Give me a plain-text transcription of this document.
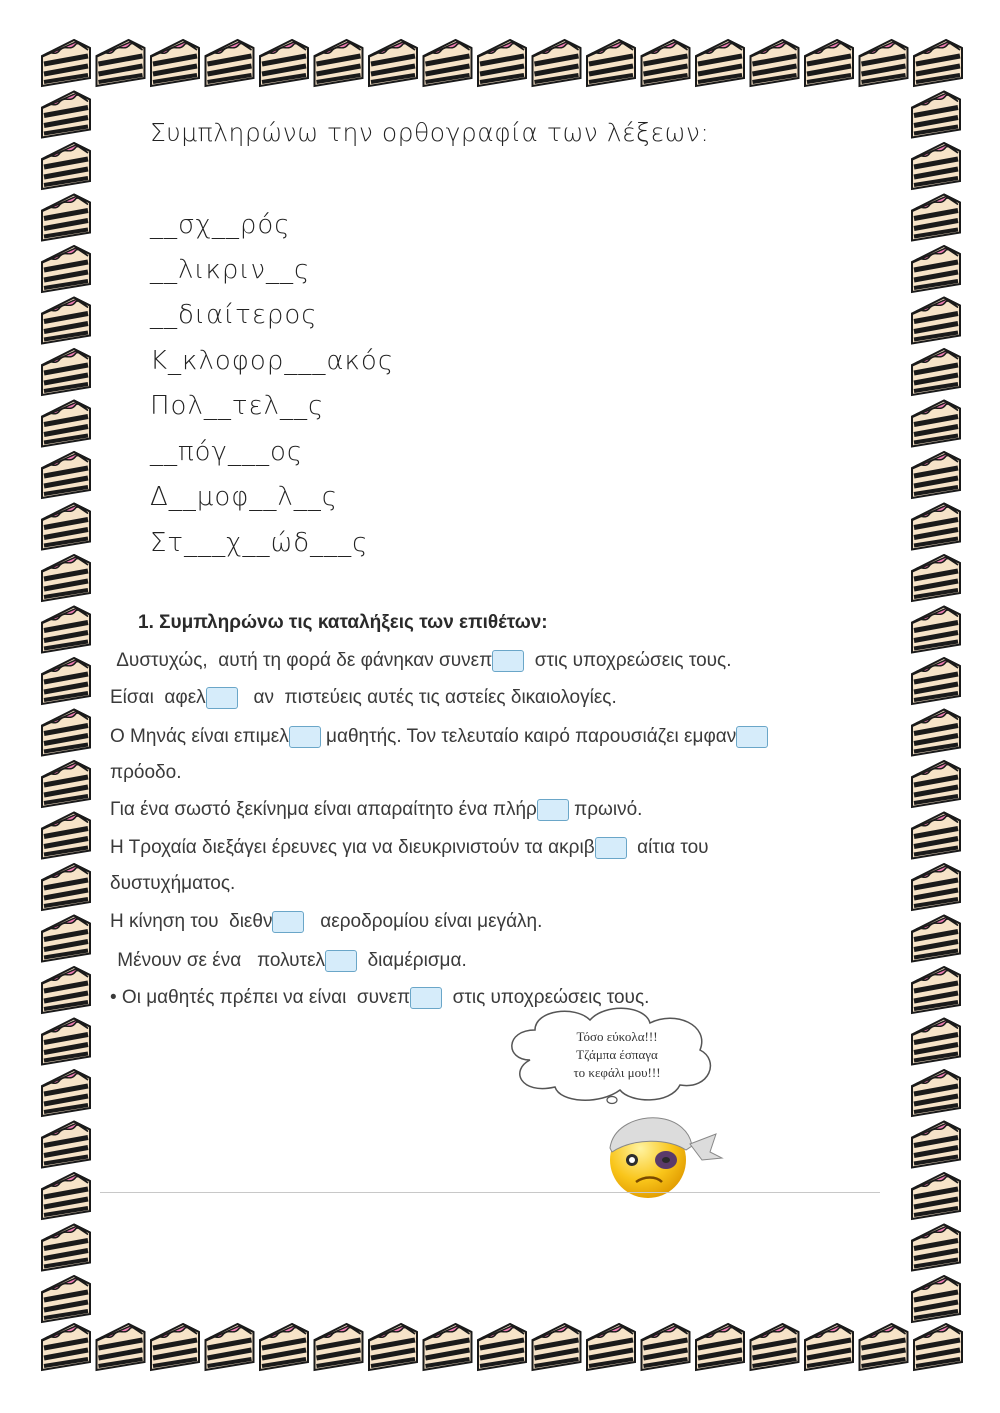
Συμπληρώνω την ορθογραφία των λέξεων:
__σχ__ρός
__λικριν__ς
__διαίτερος
Κ_κλοφορ___ακός
Πολ__τελ__ς
__πόγ___ος
Δ__μοφ__λ__ς
Στ___χ__ώδ___ς
1. Συμπληρώνω τις καταλήξεις των επιθέτων:
Δυστυχώς,  αυτή τη φορά δε φάνηκαν συνεπ στις υποχρεώσεις τους.
Είσαι  αφελ αν  πιστεύεις αυτές τις αστείες δικαιολογίες.
Ο Μηνάς είναι επιμελ μαθητής. Τον τελευταίο καιρό παρουσιάζει εμφαν
πρόοδο.
Για ένα σωστό ξεκίνημα είναι απαραίτητο ένα πλήρ πρωινό.
Η Τροχαία διεξάγει έρευνες για να διευκρινιστούν τα ακριβ αίτια του
δυστυχήματος.
Η κίνηση του  διεθν αεροδρομίου είναι μεγάλη.
Μένουν σε ένα   πολυτελ διαμέρισμα.
• Οι μαθητές πρέπει να είναι  συνεπ στις υποχρεώσεις τους.
Τόσο εύκολα!!!
Τζάμπα έσπαγα
το κεφάλι μου!!!
